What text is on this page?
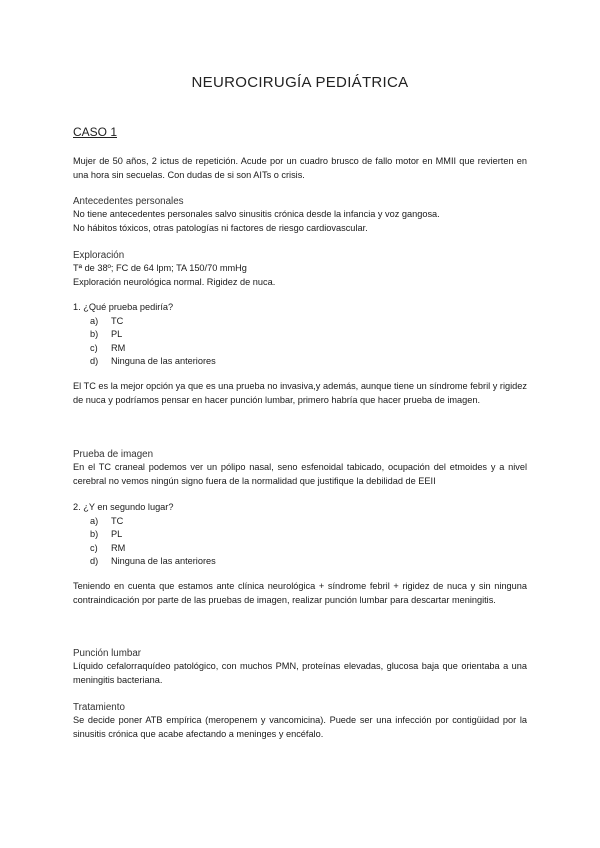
NEUROCIRUGÍA PEDIÁTRICA
CASO 1
Mujer de 50 años, 2 ictus de repetición. Acude por un cuadro brusco de fallo motor en MMII que revierten en una hora sin secuelas. Con dudas de si son AITs o crisis.
Antecedentes personales
No tiene antecedentes personales salvo sinusitis crónica desde la infancia y voz gangosa.
No hábitos tóxicos, otras patologías ni factores de riesgo cardiovascular.
Exploración
Tª de 38º; FC de 64 lpm; TA 150/70 mmHg
Exploración neurológica normal. Rigidez de nuca.
1. ¿Qué prueba pediría?
a)	TC
b)	PL
c)	RM
d)	Ninguna de las anteriores
El TC es la mejor opción ya que es una prueba no invasiva,y además, aunque tiene un síndrome febril y rigidez de nuca y podríamos pensar en hacer punción lumbar, primero habría que hacer prueba de imagen.
Prueba de imagen
En el TC craneal podemos ver un pólipo nasal, seno esfenoidal tabicado, ocupación del etmoides y a nivel cerebral no vemos ningún signo fuera de la normalidad que justifique la debilidad de EEII
2. ¿Y en segundo lugar?
a)	TC
b)	PL
c)	RM
d)	Ninguna de las anteriores
Teniendo en cuenta que estamos ante clínica neurológica + síndrome febril + rigidez de nuca y sin ninguna contraindicación por parte de las pruebas de imagen, realizar punción lumbar para descartar meningitis.
Punción lumbar
Líquido cefalorraquídeo patológico, con muchos PMN, proteínas elevadas, glucosa baja que orientaba a una meningitis bacteriana.
Tratamiento
Se decide poner ATB empírica (meropenem y vancomicina). Puede ser una infección por contigüidad por la sinusitis crónica que acabe afectando a meninges y encéfalo.
